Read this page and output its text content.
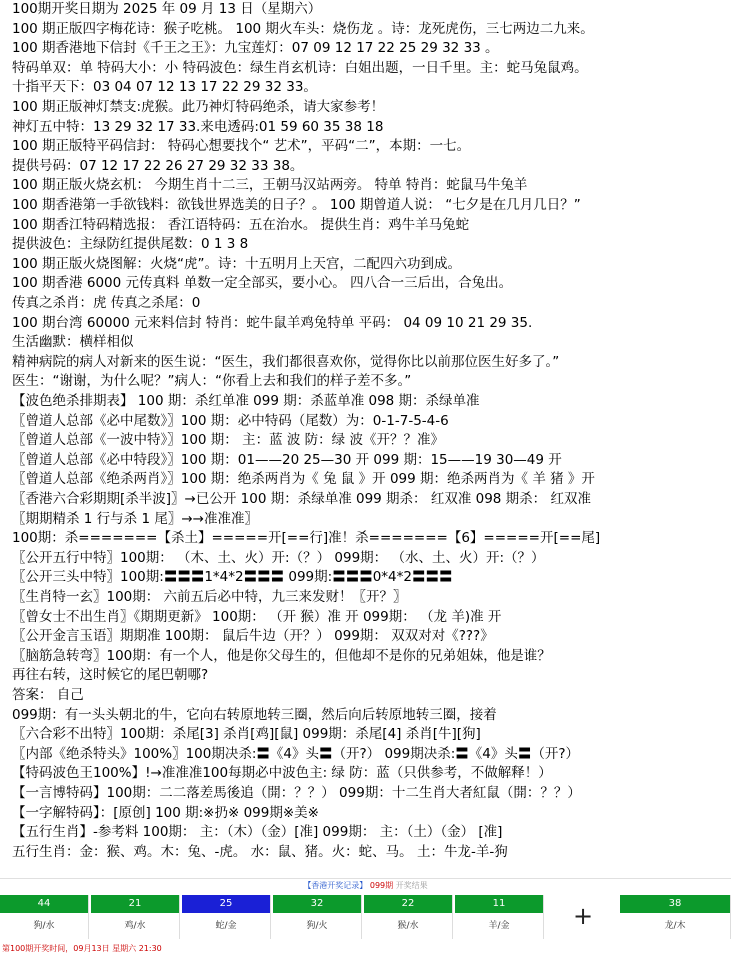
100期开奖日期为 2025 年 09 月 13 日（星期六）
100 期正版四字梅花诗：猴子吃桃。 100 期火车头：烧伤龙 。诗：龙死虎伤，三七两边二九来。
100 期香港地下信封《千王之王》：九宝莲灯：07 09 12 17 22 25 29 32 33 。
特码单双：单 特码大小：小 特码波色：绿生肖玄机诗：白姐出题，一日千里。主：蛇马兔鼠鸡。
十指平天下：03 04 07 12 13 17 22 29 32 33。
100 期正版神灯禁支:虎猴。此乃神灯特码绝杀，请大家参考！
神灯五中特：13 29 32 17 33.来电透码:01 59 60 35 38 18
100 期正版特平码信封： 特码心想要找个“ 艺术”，平码“二”，本期：一七。
提供号码：07 12 17 22 26 27 29 32 33 38。
100 期正版火烧玄机： 今期生肖十二三，王朝马汉站两旁。 特单 特肖：蛇鼠马牛兔羊
100 期香港第一手欲钱料：欲钱世界选美的日子？。 100 期曾道人说： “七夕是在几月几日？”
100 期香江特码精选报： 香江语特码：五在治水。 提供生肖：鸡牛羊马兔蛇
提供波色：主绿防红提供尾数：0 1 3 8
100 期正版火烧图解：火烧“虎”。诗：十五明月上天宫，二配四六功到成。
100 期香港 6000 元传真料 单数一定全部买，要小心。 四八合一三后出，合兔出。
传真之杀肖：虎 传真之杀尾：0
100 期台湾 60000 元来料信封 特肖：蛇牛鼠羊鸡兔特单 平码： 04 09 10 21 29 35.
生活幽默：横样相似
精神病院的病人对新来的医生说：“医生，我们都很喜欢你，觉得你比以前那位医生好多了。”
医生：“谢谢，为什么呢？”病人：“你看上去和我们的样子差不多。”
【波色绝杀排期表】 100 期：杀红单准 099 期：杀蓝单准 098 期：杀绿单准
〖曾道人总部《必中尾数》〗100 期：必中特码（尾数）为：0-1-7-5-4-6
〖曾道人总部《一波中特》〗100 期： 主：蓝 波 防：绿 波《开？？准》
〖曾道人总部《必中特段》〗100 期：01——20 25—30 开 099 期：15——19 30—49 开
〖曾道人总部《绝杀两肖》〗100 期：绝杀两肖为《 兔 鼠 》开 099 期：绝杀两肖为《 羊 猪 》开
〖香港六合彩期期[杀半波]〗→已公开 100 期：杀绿单准 099 期杀： 红双准 098 期杀： 红双准
〖期期精杀 1 行与杀 1 尾〗→→准准准〗
100期：杀=======【杀土】=====开[==行]准！杀=======【6】=====开[==尾]
〖公开五行中特〗100期： （木、土、火）开:（？） 099期： （水、土、火）开:（？）
〖公开三头中特〗100期:〓〓〓1*4*2〓〓〓 099期:〓〓〓0*4*2〓〓〓
〖生肖特一玄〗100期： 六前五后必中特，九三来发财！〖开？〗
〖曾女士不出生肖〗《期期更新》 100期： （开 猴）准 开 099期： （龙 羊)准 开
〖公开金言玉语〗期期准 100期： 鼠后牛边（开？） 099期： 双双对对《???》
〖脑筋急转弯〗100期：有一个人，他是你父母生的，但他却不是你的兄弟姐妹，他是谁？
再往右转，这时候它的尾巴朝哪?
答案： 自己
099期：有一头头朝北的牛，它向右转原地转三圈，然后向后转原地转三圈，接着
〖六合彩不出特〗100期：杀尾[3] 杀肖[鸡][鼠] 099期：杀尾[4] 杀肖[牛][狗]
〖内部《绝杀特头》100%〗100期决杀:〓《4》头〓（开?） 099期决杀:〓《4》头〓（开?）
【特码波色王100%】!→准准准100每期必中波色主: 绿 防：蓝（只供参考，不做解释！）
【一言博特码】100期：二二落差馬後追（開：？？） 099期：十二生肖大者紅鼠（開：？？）
【一字解特码】：[原创] 100 期:※扔※ 099期※美※
【五行生肖】-参考料 100期： 主：（木）（金）[准] 099期： 主：（土）（金） [准]
五行生肖：金：猴、鸡。木：兔、-虎。 水：鼠、猪。火：蛇、马。 土：牛龙-羊-狗
【香港开奖记录】 099期 开奖结果
44
狗/水
21
鸡/水
25
蛇/金
32
狗/火
22
猴/水
11
羊/金
38
龙/木
+
第100期开奖时间，09月13日 星期六 21:30
